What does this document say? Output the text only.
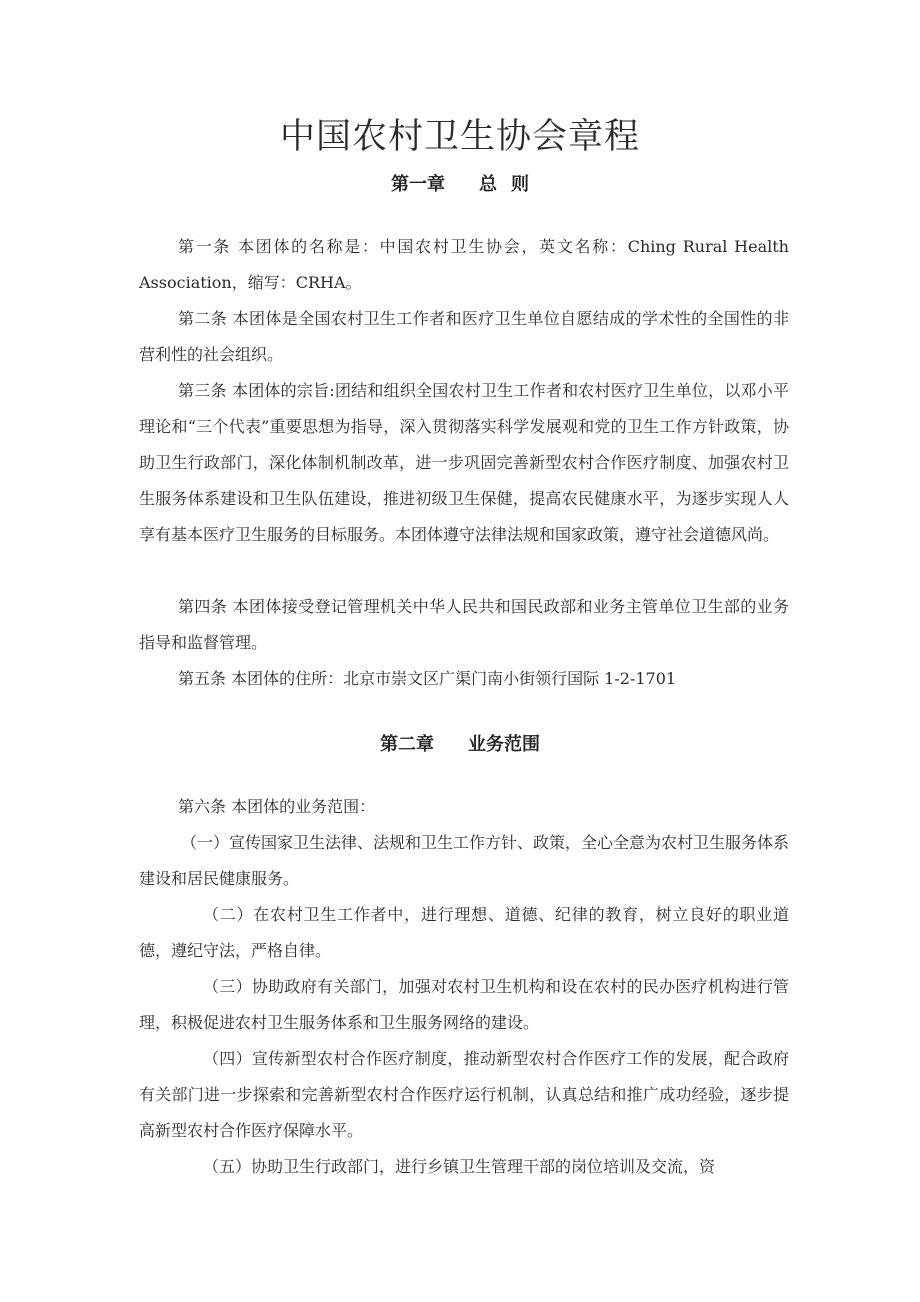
中国农村卫生协会章程
第一章 总 则

第一条 本团体的名称是：中国农村卫生协会，英文名称：Ching Rural Health Association，缩写：CRHA。

第二条 本团体是全国农村卫生工作者和医疗卫生单位自愿结成的学术性的全国性的非营利性的社会组织。

第三条 本团体的宗旨:团结和组织全国农村卫生工作者和农村医疗卫生单位，以邓小平理论和“三个代表”重要思想为指导，深入贯彻落实科学发展观和党的卫生工作方针政策，协助卫生行政部门，深化体制机制改革，进一步巩固完善新型农村合作医疗制度、加强农村卫生服务体系建设和卫生队伍建设，推进初级卫生保健，提高农民健康水平，为逐步实现人人享有基本医疗卫生服务的目标服务。本团体遵守法律法规和国家政策，遵守社会道德风尚。

第四条 本团体接受登记管理机关中华人民共和国民政部和业务主管单位卫生部的业务指导和监督管理。

第五条 本团体的住所：北京市崇文区广渠门南小街领行国际 1-2-1701

第二章 业务范围

第六条 本团体的业务范围：

（一）宣传国家卫生法律、法规和卫生工作方针、政策，全心全意为农村卫生服务体系建设和居民健康服务。

（二）在农村卫生工作者中，进行理想、道德、纪律的教育，树立良好的职业道德，遵纪守法，严格自律。

（三）协助政府有关部门，加强对农村卫生机构和设在农村的民办医疗机构进行管理，积极促进农村卫生服务体系和卫生服务网络的建设。

（四）宣传新型农村合作医疗制度，推动新型农村合作医疗工作的发展，配合政府有关部门进一步探索和完善新型农村合作医疗运行机制，认真总结和推广成功经验，逐步提高新型农村合作医疗保障水平。

（五）协助卫生行政部门，进行乡镇卫生管理干部的岗位培训及交流，资
